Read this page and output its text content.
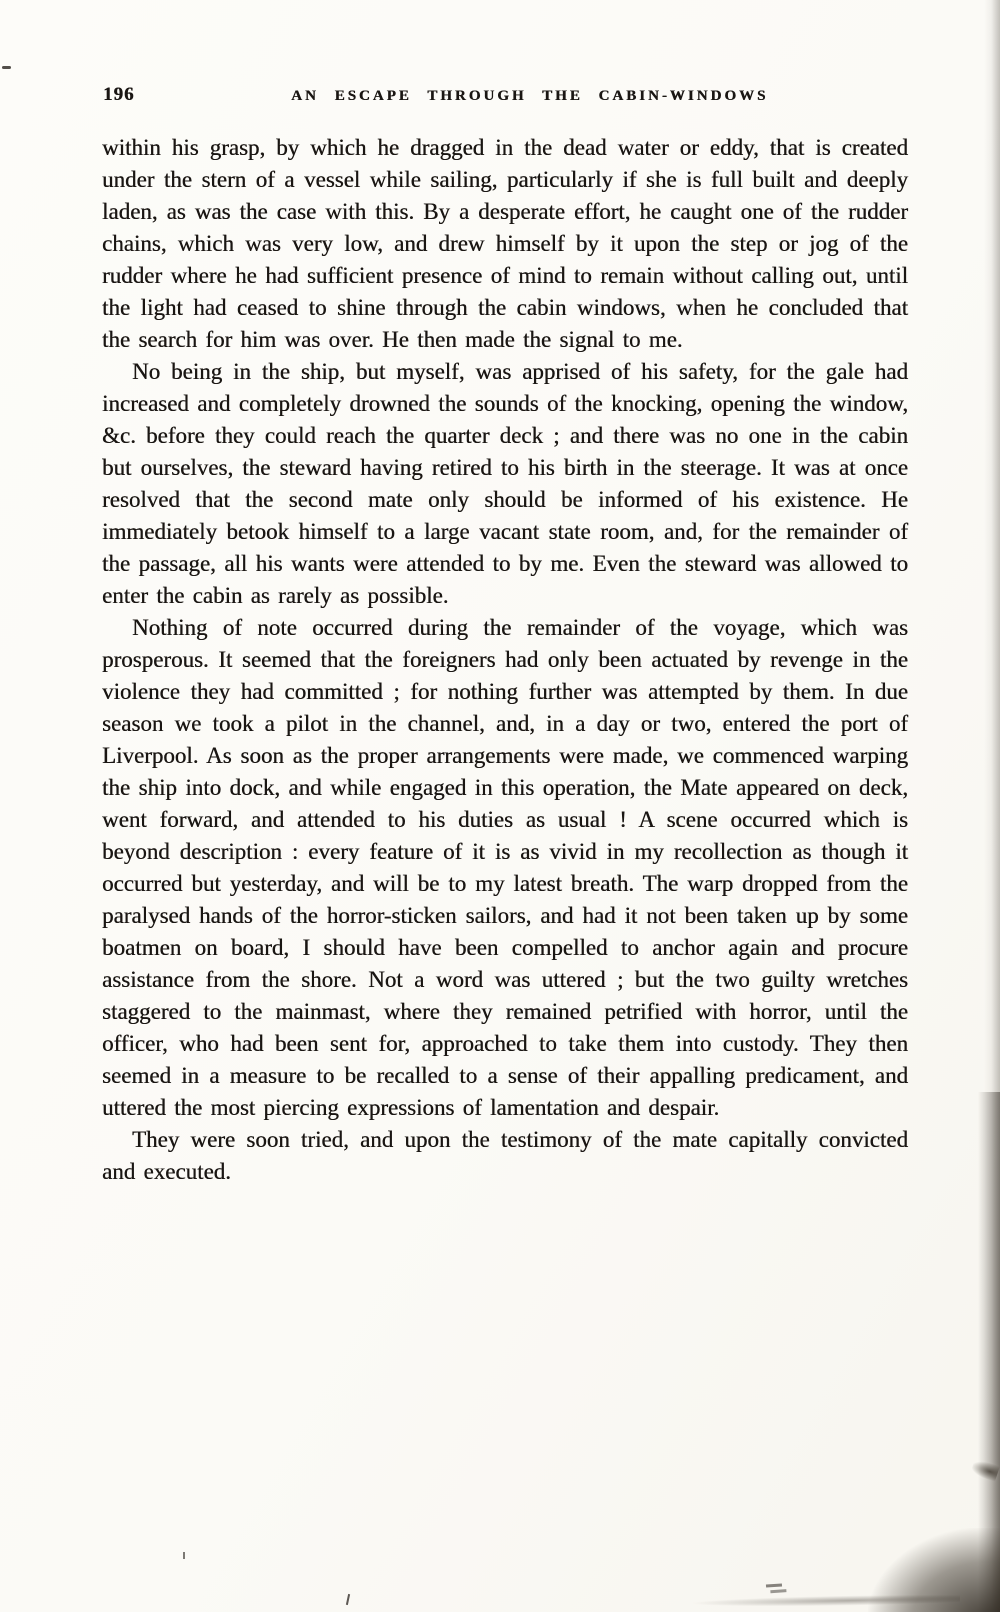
196	AN ESCAPE THROUGH THE CABIN-WINDOWS

within his grasp, by which he dragged in the dead water or eddy, that is created under the stern of a vessel while sailing, particularly if she is full built and deeply laden, as was the case with this. By a desperate effort, he caught one of the rudder chains, which was very low, and drew himself by it upon the step or jog of the rudder where he had sufficient presence of mind to remain without calling out, until the light had ceased to shine through the cabin windows, when he concluded that the search for him was over. He then made the signal to me.

No being in the ship, but myself, was apprised of his safety, for the gale had increased and completely drowned the sounds of the knocking, opening the window, &c. before they could reach the quarter deck ; and there was no one in the cabin but ourselves, the steward having retired to his birth in the steerage. It was at once resolved that the second mate only should be informed of his existence. He immediately betook himself to a large vacant state room, and, for the remainder of the passage, all his wants were attended to by me. Even the steward was allowed to enter the cabin as rarely as possible.

Nothing of note occurred during the remainder of the voyage, which was prosperous. It seemed that the foreigners had only been actuated by revenge in the violence they had committed ; for nothing further was attempted by them. In due season we took a pilot in the channel, and, in a day or two, entered the port of Liverpool. As soon as the proper arrangements were made, we commenced warping the ship into dock, and while engaged in this operation, the Mate appeared on deck, went forward, and attended to his duties as usual ! A scene occurred which is beyond description : every feature of it is as vivid in my recollection as though it occurred but yesterday, and will be to my latest breath. The warp dropped from the paralysed hands of the horror-sticken sailors, and had it not been taken up by some boatmen on board, I should have been compelled to anchor again and procure assistance from the shore. Not a word was uttered ; but the two guilty wretches staggered to the mainmast, where they remained petrified with horror, until the officer, who had been sent for, approached to take them into custody. They then seemed in a measure to be recalled to a sense of their appalling predicament, and uttered the most piercing expressions of lamentation and despair.

They were soon tried, and upon the testimony of the mate capitally convicted and executed.
